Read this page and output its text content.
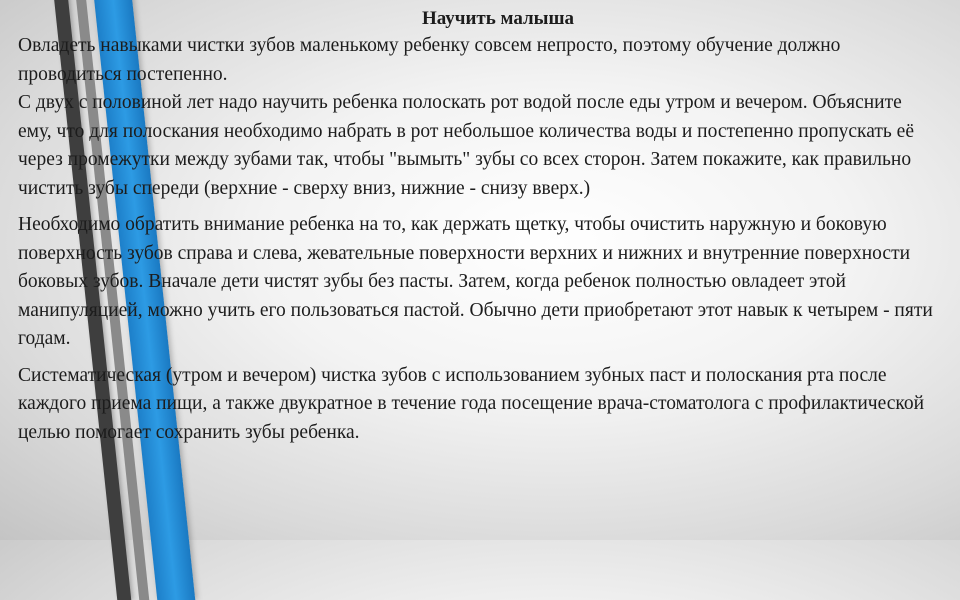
Научить малыша

Овладеть навыками чистки зубов маленькому ребенку совсем непросто, поэтому обучение должно проводиться постепенно.

С двух с половиной лет надо научить ребенка полоскать рот водой после еды утром и вечером. Объясните ему, что для полоскания необходимо набрать в рот небольшое количества воды и постепенно пропускать её через промежутки между зубами так, чтобы "вымыть" зубы со всех сторон. Затем покажите, как правильно чистить зубы спереди (верхние - сверху вниз, нижние - снизу вверх.)

Необходимо обратить внимание ребенка на то, как держать щетку, чтобы очистить наружную и боковую поверхность зубов справа и слева, жевательные поверхности верхних и нижних и внутренние поверхности боковых зубов. Вначале дети чистят зубы без пасты. Затем, когда ребенок полностью овладеет этой манипуляцией, можно учить его пользоваться пастой. Обычно дети приобретают этот навык к четырем - пяти годам.

Систематическая (утром и вечером) чистка зубов с использованием зубных паст и полоскания рта после каждого приема пищи, а также двукратное в течение года посещение врача-стоматолога с профилактической целью помогает сохранить зубы ребенка.
